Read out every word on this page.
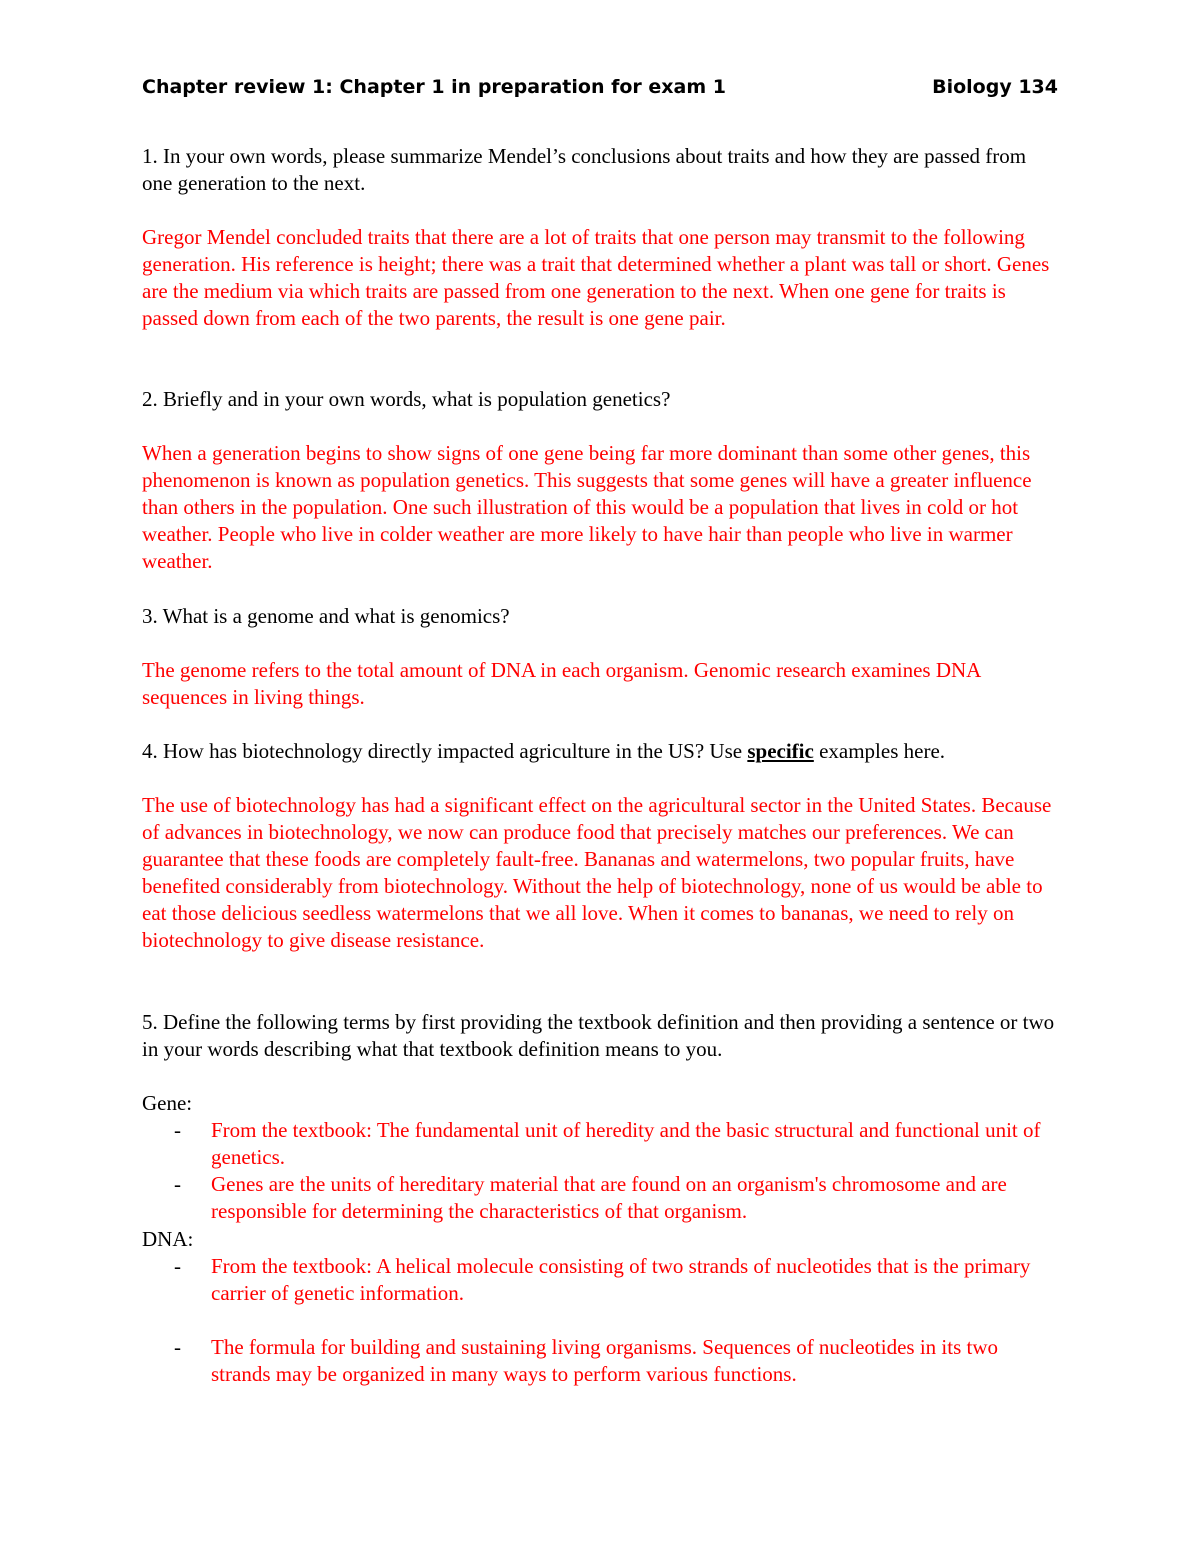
Chapter review 1: Chapter 1 in preparation for exam 1	Biology 134

1. In your own words, please summarize Mendel’s conclusions about traits and how they are passed from one generation to the next.

Gregor Mendel concluded traits that there are a lot of traits that one person may transmit to the following generation. His reference is height; there was a trait that determined whether a plant was tall or short. Genes are the medium via which traits are passed from one generation to the next. When one gene for traits is passed down from each of the two parents, the result is one gene pair.

2. Briefly and in your own words, what is population genetics?

When a generation begins to show signs of one gene being far more dominant than some other genes, this phenomenon is known as population genetics. This suggests that some genes will have a greater influence than others in the population. One such illustration of this would be a population that lives in cold or hot weather. People who live in colder weather are more likely to have hair than people who live in warmer weather.

3. What is a genome and what is genomics?

The genome refers to the total amount of DNA in each organism. Genomic research examines DNA sequences in living things.

4. How has biotechnology directly impacted agriculture in the US? Use specific examples here.

The use of biotechnology has had a significant effect on the agricultural sector in the United States. Because of advances in biotechnology, we now can produce food that precisely matches our preferences. We can guarantee that these foods are completely fault-free. Bananas and watermelons, two popular fruits, have benefited considerably from biotechnology. Without the help of biotechnology, none of us would be able to eat those delicious seedless watermelons that we all love. When it comes to bananas, we need to rely on biotechnology to give disease resistance.

5. Define the following terms by first providing the textbook definition and then providing a sentence or two in your words describing what that textbook definition means to you.

Gene:

- From the textbook: The fundamental unit of heredity and the basic structural and functional unit of genetics.
- Genes are the units of hereditary material that are found on an organism's chromosome and are responsible for determining the characteristics of that organism.

DNA:

- From the textbook: A helical molecule consisting of two strands of nucleotides that is the primary carrier of genetic information.
- The formula for building and sustaining living organisms. Sequences of nucleotides in its two strands may be organized in many ways to perform various functions.
